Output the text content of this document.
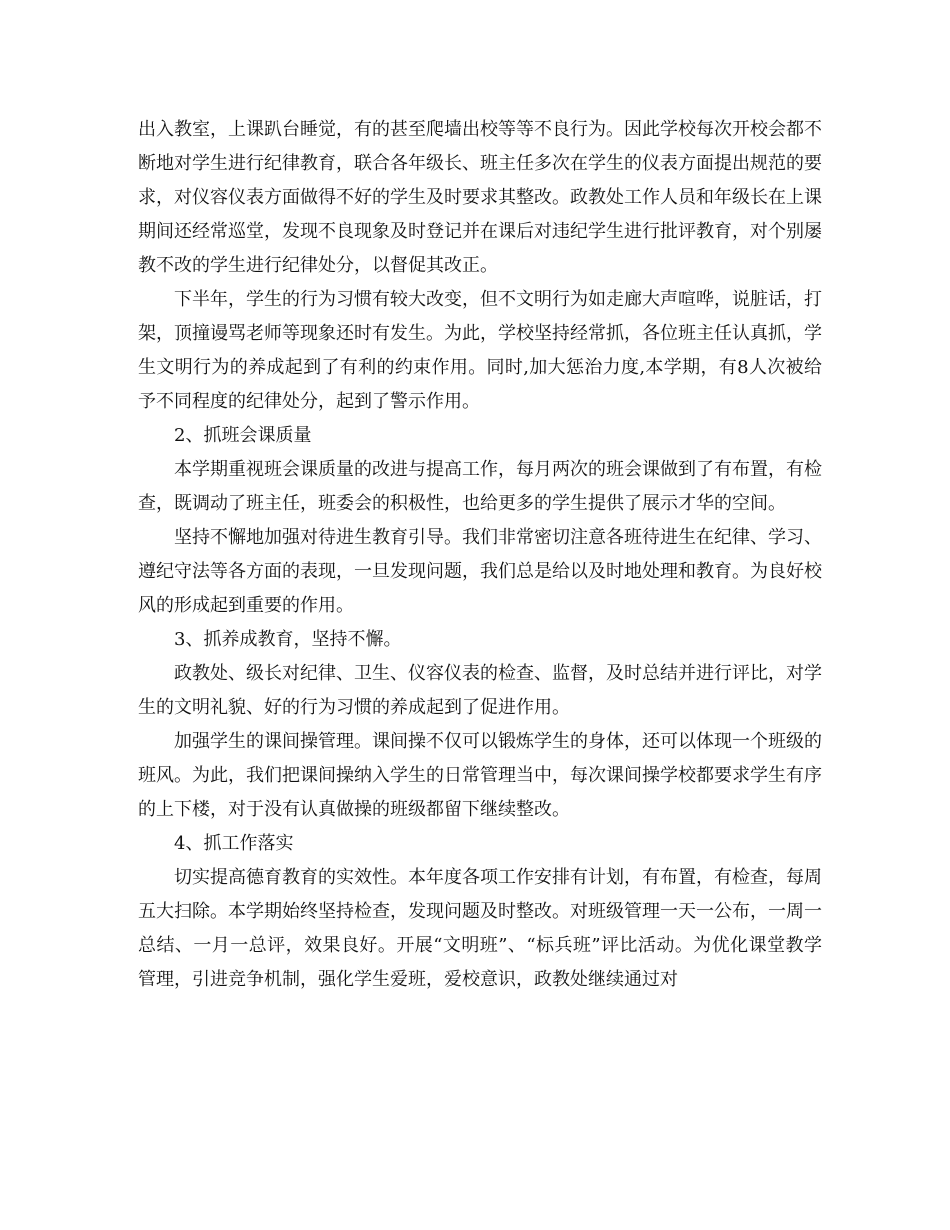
出入教室，上课趴台睡觉，有的甚至爬墙出校等等不良行为。因此学校每次开校会都不断地对学生进行纪律教育，联合各年级长、班主任多次在学生的仪表方面提出规范的要求，对仪容仪表方面做得不好的学生及时要求其整改。政教处工作人员和年级长在上课期间还经常巡堂，发现不良现象及时登记并在课后对违纪学生进行批评教育，对个别屡教不改的学生进行纪律处分，以督促其改正。

下半年，学生的行为习惯有较大改变，但不文明行为如走廊大声喧哗，说脏话，打架，顶撞谩骂老师等现象还时有发生。为此，学校坚持经常抓，各位班主任认真抓，学生文明行为的养成起到了有利的约束作用。同时,加大惩治力度,本学期，有8人次被给予不同程度的纪律处分，起到了警示作用。

2、抓班会课质量

本学期重视班会课质量的改进与提高工作，每月两次的班会课做到了有布置，有检查，既调动了班主任，班委会的积极性，也给更多的学生提供了展示才华的空间。

坚持不懈地加强对待进生教育引导。我们非常密切注意各班待进生在纪律、学习、遵纪守法等各方面的表现，一旦发现问题，我们总是给以及时地处理和教育。为良好校风的形成起到重要的作用。

3、抓养成教育，坚持不懈。

政教处、级长对纪律、卫生、仪容仪表的检查、监督，及时总结并进行评比，对学生的文明礼貌、好的行为习惯的养成起到了促进作用。

加强学生的课间操管理。课间操不仅可以锻炼学生的身体，还可以体现一个班级的班风。为此，我们把课间操纳入学生的日常管理当中，每次课间操学校都要求学生有序的上下楼，对于没有认真做操的班级都留下继续整改。

4、抓工作落实

切实提高德育教育的实效性。本年度各项工作安排有计划，有布置，有检查，每周五大扫除。本学期始终坚持检查，发现问题及时整改。对班级管理一天一公布，一周一总结、一月一总评，效果良好。开展“文明班”、“标兵班”评比活动。为优化课堂教学管理，引进竞争机制，强化学生爱班，爱校意识，政教处继续通过对
